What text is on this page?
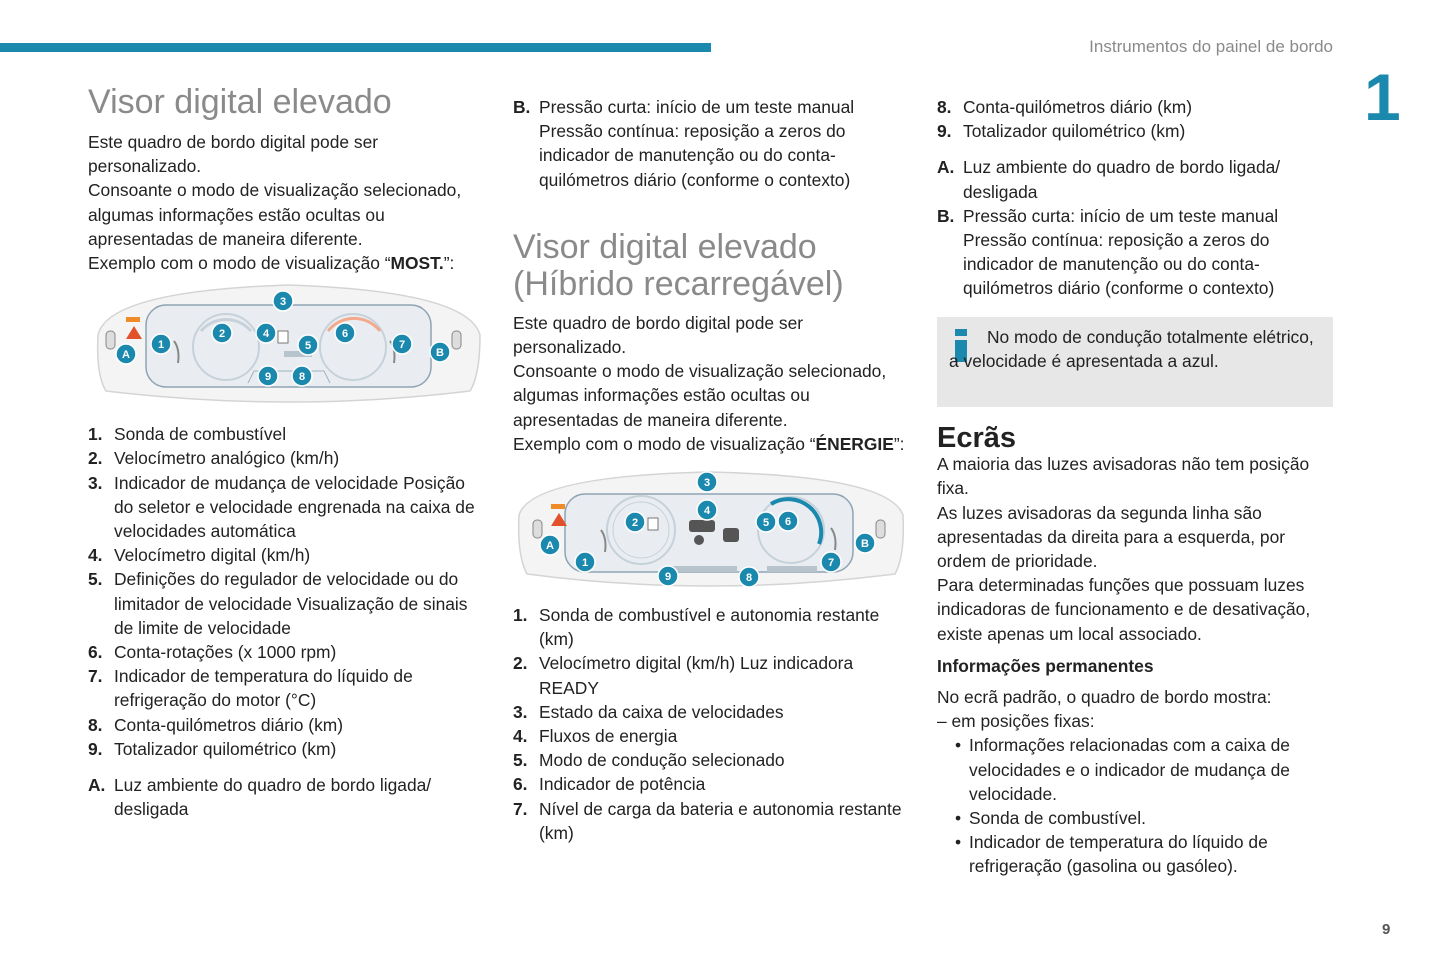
Instrumentos do painel de bordo
1
9
Visor digital elevado

Este quadro de bordo digital pode ser personalizado.

Consoante o modo de visualização selecionado, algumas informações estão ocultas ou apresentadas de maneira diferente.

Exemplo com o modo de visualização “MOST.”:

3
2	4	6
1	5	7
A	B
9	8
1. Sonda de combustível
2. Velocímetro analógico (km/h)
3. Indicador de mudança de velocidade Posição do seletor e velocidade engrenada na caixa de velocidades automática
4. Velocímetro digital (km/h)
5. Definições do regulador de velocidade ou do limitador de velocidade Visualização de sinais de limite de velocidade
6. Conta-rotações (x 1000 rpm)
7. Indicador de temperatura do líquido de refrigeração do motor (°C)
8. Conta-quilómetros diário (km)
9. Totalizador quilométrico (km)
A. Luz ambiente do quadro de bordo ligada/ desligada
B. Pressão curta: início de um teste manual Pressão contínua: reposição a zeros do indicador de manutenção ou do conta-quilómetros diário (conforme o contexto)
Visor digital elevado (Híbrido recarregável)

Este quadro de bordo digital pode ser personalizado.

Consoante o modo de visualização selecionado, algumas informações estão ocultas ou apresentadas de maneira diferente.

Exemplo com o modo de visualização “ÉNERGIE”:

3
4
2	5 6
A	B
1	7
9	8
1. Sonda de combustível e autonomia restante (km)
2. Velocímetro digital (km/h) Luz indicadora READY
3. Estado da caixa de velocidades
4. Fluxos de energia
5. Modo de condução selecionado
6. Indicador de potência
7. Nível de carga da bateria e autonomia restante (km)
8. Conta-quilómetros diário (km)
9. Totalizador quilométrico (km)
A. Luz ambiente do quadro de bordo ligada/ desligada
B. Pressão curta: início de um teste manual Pressão contínua: reposição a zeros do indicador de manutenção ou do conta-quilómetros diário (conforme o contexto)
No modo de condução totalmente elétrico, a velocidade é apresentada a azul.
Ecrãs

A maioria das luzes avisadoras não tem posição fixa.

As luzes avisadoras da segunda linha são apresentadas da direita para a esquerda, por ordem de prioridade.

Para determinadas funções que possuam luzes indicadoras de funcionamento e de desativação, existe apenas um local associado.

Informações permanentes

No ecrã padrão, o quadro de bordo mostra:

– em posições fixas:

• Informações relacionadas com a caixa de velocidades e o indicador de mudança de velocidade.
• Sonda de combustível.
• Indicador de temperatura do líquido de refrigeração (gasolina ou gasóleo).
